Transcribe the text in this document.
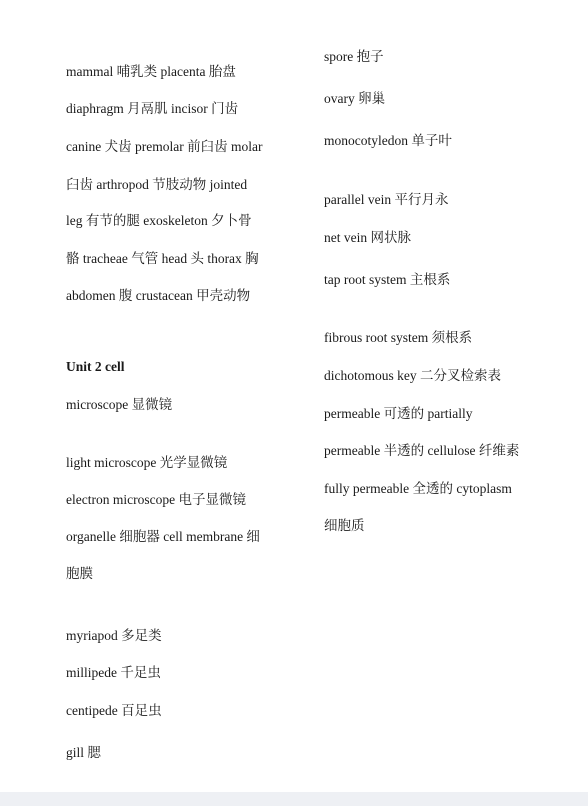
mammal 哺乳类 placenta 胎盘
diaphragm 月鬲肌 incisor 门齿
canine 犬齿 premolar 前臼齿 molar
臼齿 arthropod 节肢动物 jointed
leg 有节的腿 exoskeleton 夕卜骨
骼 tracheae 气管 head 头 thorax 胸
abdomen 腹 crustacean 甲壳动物
Unit 2 cell
microscope 显微镜
light microscope 光学显微镜
electron microscope 电子显微镜
organelle 细胞器 cell membrane 细
胞膜
myriapod 多足类
millipede 千足虫
centipede 百足虫
gill 腮
spore 抱子
ovary 卵巢
monocotyledon 单子叶
parallel vein 平行月永
net vein 网状脉
tap root system 主根系
fibrous root system 须根系
dichotomous key 二分叉检索表
permeable 可透的 partially
permeable 半透的 cellulose 纤维素
fully permeable 全透的 cytoplasm
细胞质
